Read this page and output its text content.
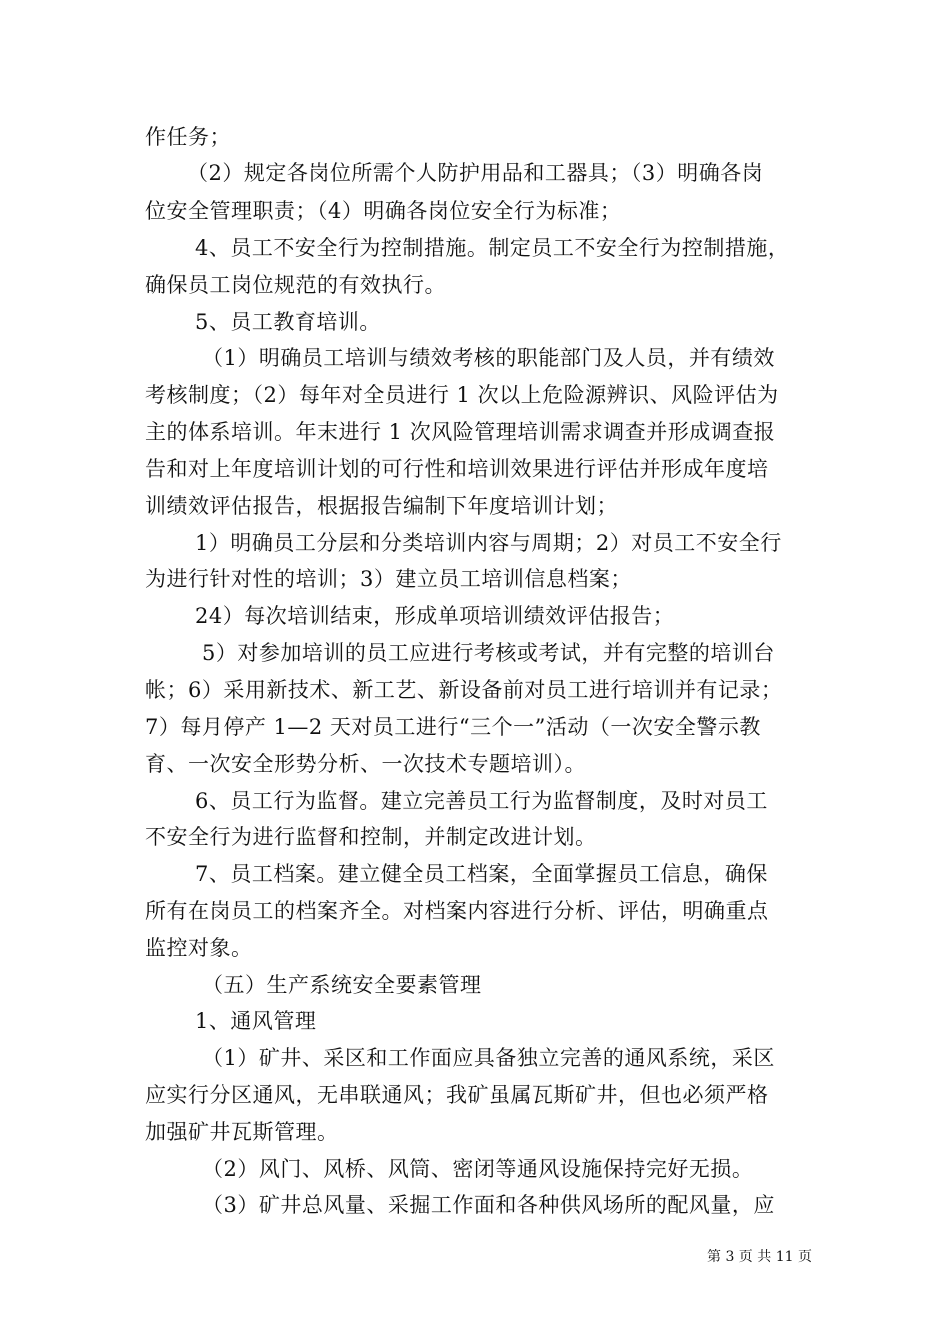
作任务；
（2）规定各岗位所需个人防护用品和工器具；（3）明确各岗
位安全管理职责；（4）明确各岗位安全行为标准；
4、员工不安全行为控制措施。制定员工不安全行为控制措施，
确保员工岗位规范的有效执行。
5、员工教育培训。
（1）明确员工培训与绩效考核的职能部门及人员，并有绩效
考核制度；（2）每年对全员进行 1 次以上危险源辨识、风险评估为
主的体系培训。年末进行 1 次风险管理培训需求调查并形成调查报
告和对上年度培训计划的可行性和培训效果进行评估并形成年度培
训绩效评估报告，根据报告编制下年度培训计划；
1）明确员工分层和分类培训内容与周期；2）对员工不安全行
为进行针对性的培训；3）建立员工培训信息档案；
24）每次培训结束，形成单项培训绩效评估报告；
5）对参加培训的员工应进行考核或考试，并有完整的培训台
帐；6）采用新技术、新工艺、新设备前对员工进行培训并有记录；
7）每月停产 1—2 天对员工进行“三个一”活动（一次安全警示教
育、一次安全形势分析、一次技术专题培训）。
6、员工行为监督。建立完善员工行为监督制度，及时对员工
不安全行为进行监督和控制，并制定改进计划。
7、员工档案。建立健全员工档案，全面掌握员工信息，确保
所有在岗员工的档案齐全。对档案内容进行分析、评估，明确重点
监控对象。
（五）生产系统安全要素管理
1、通风管理
（1）矿井、采区和工作面应具备独立完善的通风系统，采区
应实行分区通风，无串联通风；我矿虽属瓦斯矿井，但也必须严格
加强矿井瓦斯管理。
（2）风门、风桥、风筒、密闭等通风设施保持完好无损。
（3）矿井总风量、采掘工作面和各种供风场所的配风量，应
第 3 页 共 11 页
